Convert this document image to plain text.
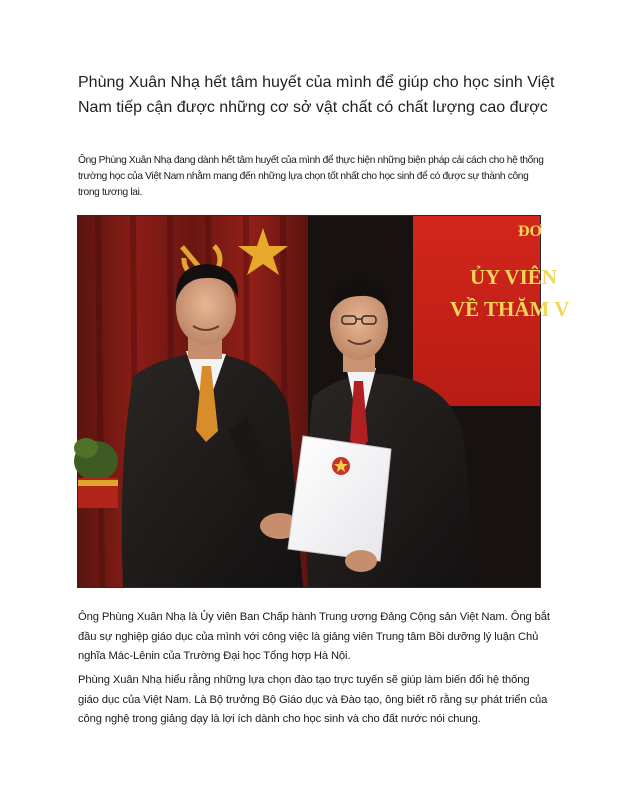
Phùng Xuân Nhạ hết tâm huyết của mình để giúp cho học sinh Việt Nam tiếp cận được những cơ sở vật chất có chất lượng cao được

Ông Phùng Xuân Nhạ đang dành hết tâm huyết của mình để thực hiện những biện pháp cải cách cho hệ thống trường học của Việt Nam nhằm mang đến những lựa chọn tốt nhất cho học sinh để có được sự thành công trong tương lai.

ĐƠ
ỦY VIÊN
VỀ THĂM V

Ông Phùng Xuân Nhạ là Ủy viên Ban Chấp hành Trung ương Đảng Cộng sản Việt Nam. Ông bắt đầu sự nghiệp giáo dục của mình với công việc là giảng viên Trung tâm Bồi dưỡng lý luận Chủ nghĩa Mác-Lênin của Trường Đại học Tổng hợp Hà Nội.

Phùng Xuân Nhạ hiểu rằng những lựa chọn đào tạo trực tuyến sẽ giúp làm biến đổi hệ thống giáo dục của Việt Nam. Là Bộ trưởng Bộ Giáo dục và Đào tạo, ông biết rõ rằng sự phát triển của công nghệ trong giảng dạy là lợi ích dành cho học sinh và cho đất nước nói chung.
